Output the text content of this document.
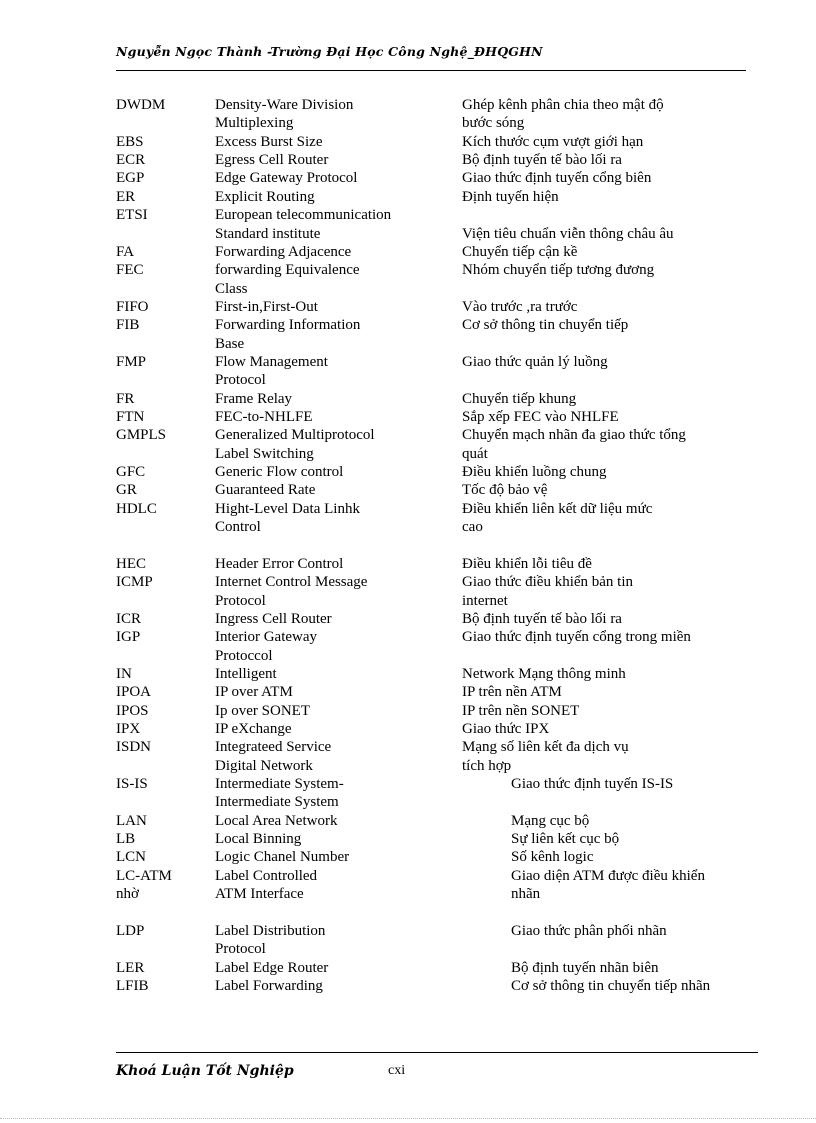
Nguyễn Ngọc Thành -Trường Đại Học Công Nghệ_ĐHQGHN
DWDM	Density-Ware Division	Ghép kênh phân chia theo mật độ
Multiplexing	bước sóng
EBS	Excess Burst Size	Kích thước cụm vượt giới hạn
ECR	Egress Cell Router	Bộ định tuyến tế bào lối ra
EGP	Edge Gateway Protocol	Giao thức định tuyến cổng biên
ER	Explicit Routing	Định tuyến hiện
ETSI	European telecommunication
Standard institute	Viện tiêu chuẩn viễn thông châu âu
FA	Forwarding Adjacence	Chuyển tiếp cận kề
FEC	forwarding Equivalence	Nhóm chuyển tiếp tương đương
Class
FIFO	First-in,First-Out	Vào trước ,ra trước
FIB	Forwarding Information	Cơ sở thông tin chuyển tiếp
Base
FMP	Flow Management	Giao thức quản lý luồng
Protocol
FR	Frame Relay	Chuyển tiếp khung
FTN	FEC-to-NHLFE	Sắp xếp FEC vào NHLFE
GMPLS	Generalized Multiprotocol	Chuyển mạch nhãn đa giao thức tổng
Label Switching	quát
GFC	Generic Flow control	Điều khiển luồng chung
GR	Guaranteed Rate	Tốc độ bảo vệ
HDLC	Hight-Level Data Linhk	Điều khiển liên kết dữ liệu mức
Control	cao
HEC	Header Error Control	Điều khiển lỗi tiêu đề
ICMP	Internet Control Message	Giao thức điều khiển bản tin
Protocol	internet
ICR	Ingress Cell Router	Bộ định tuyến tế bào lối ra
IGP	Interior Gateway	Giao thức định tuyến cổng trong miền
Protoccol
IN	Intelligent	Network Mạng thông minh
IPOA	IP over ATM	IP trên nền ATM
IPOS	Ip over SONET	IP trên nền SONET
IPX	IP eXchange	Giao thức IPX
ISDN	Integrateed Service	Mạng số liên kết đa dịch vụ
Digital Network	tích hợp
IS-IS	Intermediate System-	Giao thức định tuyến IS-IS
Intermediate System
LAN	Local Area Network	Mạng cục bộ
LB	Local Binning	Sự liên kết cục bộ
LCN	Logic Chanel Number	Số kênh logic
LC-ATM	Label Controlled	Giao diện ATM được điều khiển
nhờ	ATM Interface	nhãn
LDP	Label Distribution	Giao thức phân phối nhãn
Protocol
LER	Label Edge Router	Bộ định tuyến nhãn biên
LFIB	Label Forwarding	Cơ sở thông tin chuyển tiếp nhãn
Khoá Luận Tốt Nghiệp	cxi
